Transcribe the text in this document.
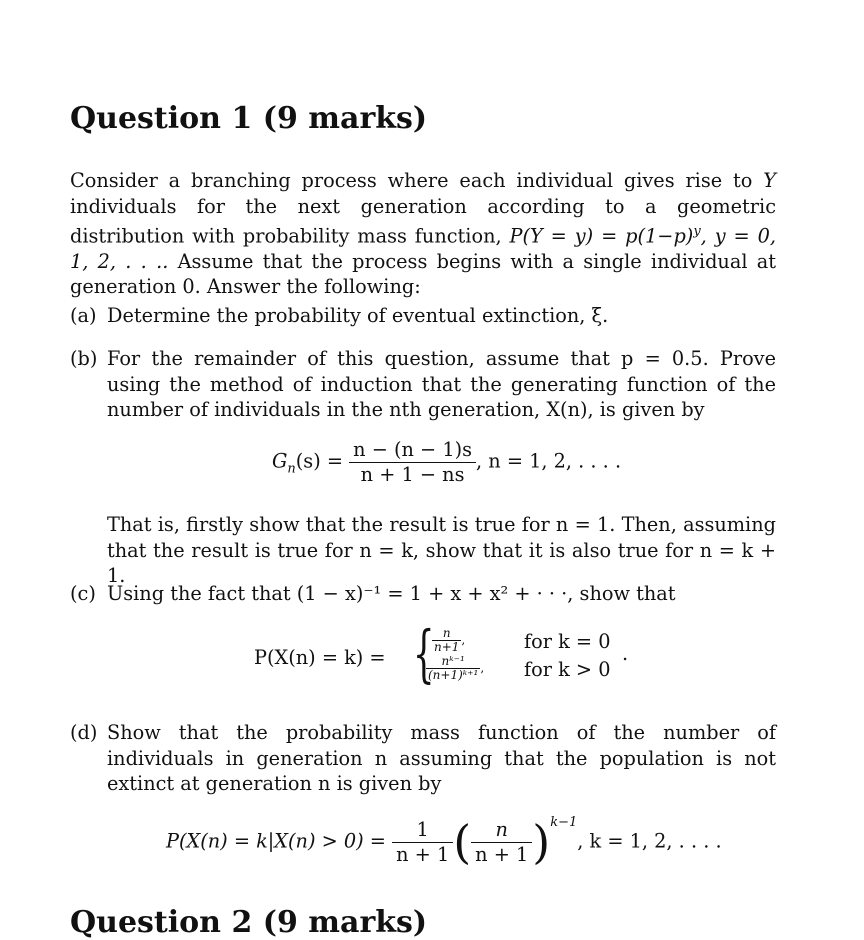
Question 1 (9 marks)
Consider a branching process where each individual gives rise to Y individuals for the next generation according to a geometric distribution with probability mass function, $P(Y = y) = p(1-p)^y$, y = 0, 1, 2, . . .. Assume that the process begins with a single individual at generation 0. Answer the following:
(a) Determine the probability of eventual extinction, ξ.
(b) For the remainder of this question, assume that p = 0.5. Prove using the method of induction that the generating function of the number of individuals in the nth generation, X(n), is given by
$G_n(s) = \frac{n - (n - 1)s}{n + 1 - ns}$ , n = 1, 2, . . . .
That is, firstly show that the result is true for n = 1. Then, assuming that the result is true for n = k, show that it is also true for n = k + 1.
(c) Using the fact that (1 − x)⁻¹ = 1 + x + x² + · · ·, show that
P(X(n) = k) = {
$\frac{n}{n+1}$ ,	for k = 0
$\frac{\text{nᵏ⁻¹}}{\text{(n+1)ᵏ⁺¹}}$ , for k > 0
.
(d) Show that the probability mass function of the number of individuals in generation n assuming that the population is not extinct at generation n is given by
$P(X(n) = k|X(n) > 0) = \frac{1}{n + 1}$ ( $\frac{n}{n + 1} )^{k-1}$, k = 1, 2, . . . .
Question 2 (9 marks)
